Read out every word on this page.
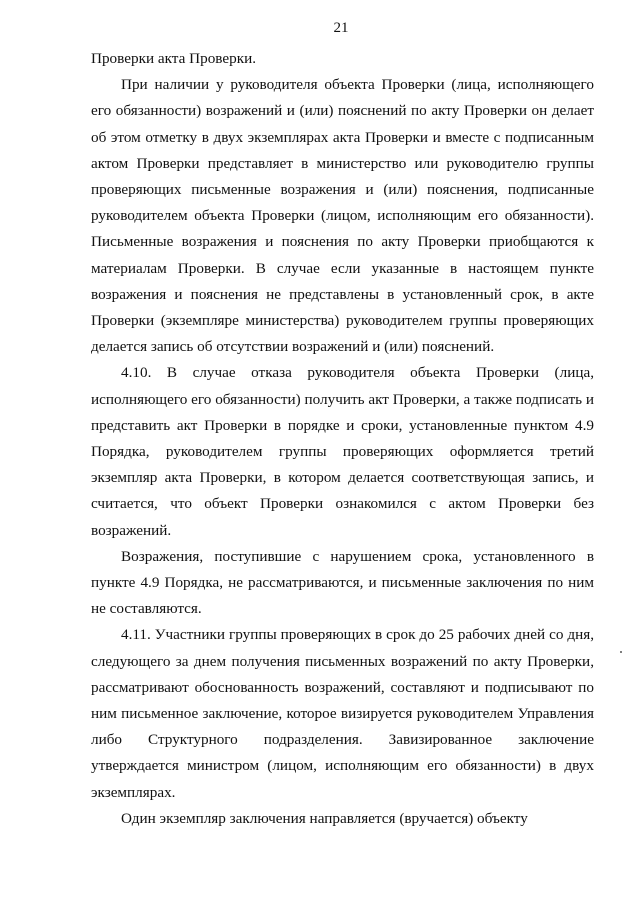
21

Проверки акта Проверки.

При наличии у руководителя объекта Проверки (лица, исполняющего его обязанности) возражений и (или) пояснений по акту Проверки он делает об этом отметку в двух экземплярах акта Проверки и вместе с подписанным актом Проверки представляет в министерство или руководителю группы проверяющих письменные возражения и (или) пояснения, подписанные руководителем объекта Проверки (лицом, исполняющим его обязанности). Письменные возражения и пояснения по акту Проверки приобщаются к материалам Проверки. В случае если указанные в настоящем пункте возражения и пояснения не представлены в установленный срок, в акте Проверки (экземпляре министерства) руководителем группы проверяющих делается запись об отсутствии возражений и (или) пояснений.

4.10. В случае отказа руководителя объекта Проверки (лица, исполняющего его обязанности) получить акт Проверки, а также подписать и представить акт Проверки в порядке и сроки, установленные пунктом 4.9 Порядка, руководителем группы проверяющих оформляется третий экземпляр акта Проверки, в котором делается соответствующая запись, и считается, что объект Проверки ознакомился с актом Проверки без возражений.

Возражения, поступившие с нарушением срока, установленного в пункте 4.9 Порядка, не рассматриваются, и письменные заключения по ним не составляются.

4.11. Участники группы проверяющих в срок до 25 рабочих дней со дня, следующего за днем получения письменных возражений по акту Проверки, рассматривают обоснованность возражений, составляют и подписывают по ним письменное заключение, которое визируется руководителем Управления либо Структурного подразделения. Завизированное заключение утверждается министром (лицом, исполняющим его обязанности) в двух экземплярах.

Один экземпляр заключения направляется (вручается) объекту
